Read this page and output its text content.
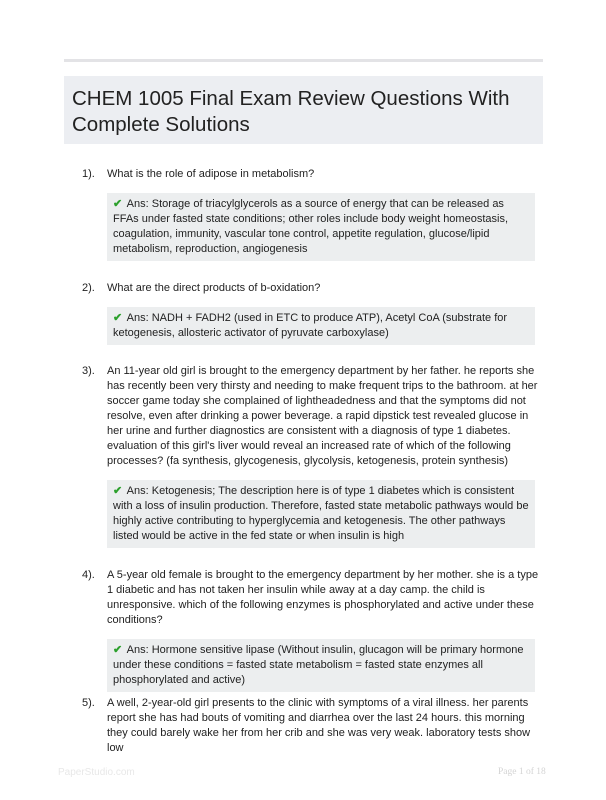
CHEM 1005 Final Exam Review Questions With Complete Solutions
1). What is the role of adipose in metabolism?
✔ Ans: Storage of triacylglycerols as a source of energy that can be released as FFAs under fasted state conditions; other roles include body weight homeostasis, coagulation, immunity, vascular tone control, appetite regulation, glucose/lipid metabolism, reproduction, angiogenesis
2). What are the direct products of b-oxidation?
✔ Ans: NADH + FADH2 (used in ETC to produce ATP), Acetyl CoA (substrate for ketogenesis, allosteric activator of pyruvate carboxylase)
3). An 11-year old girl is brought to the emergency department by her father. he reports she has recently been very thirsty and needing to make frequent trips to the bathroom. at her soccer game today she complained of lightheadedness and that the symptoms did not resolve, even after drinking a power beverage. a rapid dipstick test revealed glucose in her urine and further diagnostics are consistent with a diagnosis of type 1 diabetes. evaluation of this girl's liver would reveal an increased rate of which of the following processes? (fa synthesis, glycogenesis, glycolysis, ketogenesis, protein synthesis)
✔ Ans: Ketogenesis; The description here is of type 1 diabetes which is consistent with a loss of insulin production. Therefore, fasted state metabolic pathways would be highly active contributing to hyperglycemia and ketogenesis. The other pathways listed would be active in the fed state or when insulin is high
4). A 5-year old female is brought to the emergency department by her mother. she is a type 1 diabetic and has not taken her insulin while away at a day camp. the child is unresponsive. which of the following enzymes is phosphorylated and active under these conditions?
✔ Ans: Hormone sensitive lipase (Without insulin, glucagon will be primary hormone under these conditions = fasted state metabolism = fasted state enzymes all phosphorylated and active)
5). A well, 2-year-old girl presents to the clinic with symptoms of a viral illness. her parents report she has had bouts of vomiting and diarrhea over the last 24 hours. this morning they could barely wake her from her crib and she was very weak. laboratory tests show low
PaperStudio.com	Page 1 of 18
